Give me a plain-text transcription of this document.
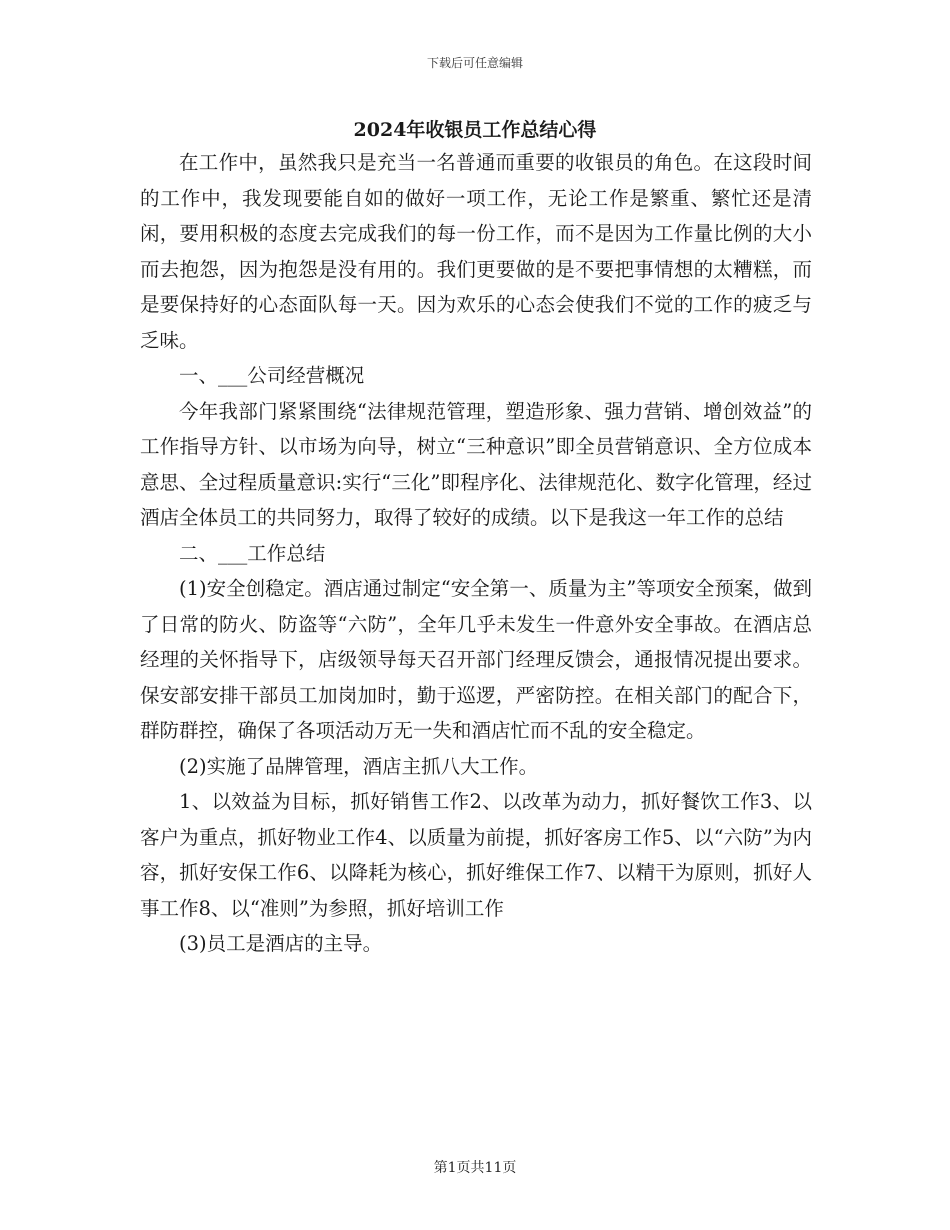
下载后可任意编辑
2024年收银员工作总结心得

在工作中，虽然我只是充当一名普通而重要的收银员的角色。在这段时间的工作中，我发现要能自如的做好一项工作，无论工作是繁重、繁忙还是清闲，要用积极的态度去完成我们的每一份工作，而不是因为工作量比例的大小而去抱怨，因为抱怨是没有用的。我们更要做的是不要把事情想的太糟糕，而是要保持好的心态面队每一天。因为欢乐的心态会使我们不觉的工作的疲乏与乏味。

一、___公司经营概况

今年我部门紧紧围绕“法律规范管理，塑造形象、强力营销、增创效益”的工作指导方针、以市场为向导，树立“三种意识”即全员营销意识、全方位成本意思、全过程质量意识:实行“三化”即程序化、法律规范化、数字化管理，经过酒店全体员工的共同努力，取得了较好的成绩。以下是我这一年工作的总结

二、___工作总结

(1)安全创稳定。酒店通过制定“安全第一、质量为主”等项安全预案，做到了日常的防火、防盗等“六防”，全年几乎未发生一件意外安全事故。在酒店总经理的关怀指导下，店级领导每天召开部门经理反馈会，通报情况提出要求。保安部安排干部员工加岗加时，勤于巡逻，严密防控。在相关部门的配合下，群防群控，确保了各项活动万无一失和酒店忙而不乱的安全稳定。

(2)实施了品牌管理，酒店主抓八大工作。

1、以效益为目标，抓好销售工作2、以改革为动力，抓好餐饮工作3、以客户为重点，抓好物业工作4、以质量为前提，抓好客房工作5、以“六防”为内容，抓好安保工作6、以降耗为核心，抓好维保工作7、以精干为原则，抓好人事工作8、以“准则”为参照，抓好培训工作

(3)员工是酒店的主导。

第1页共11页
